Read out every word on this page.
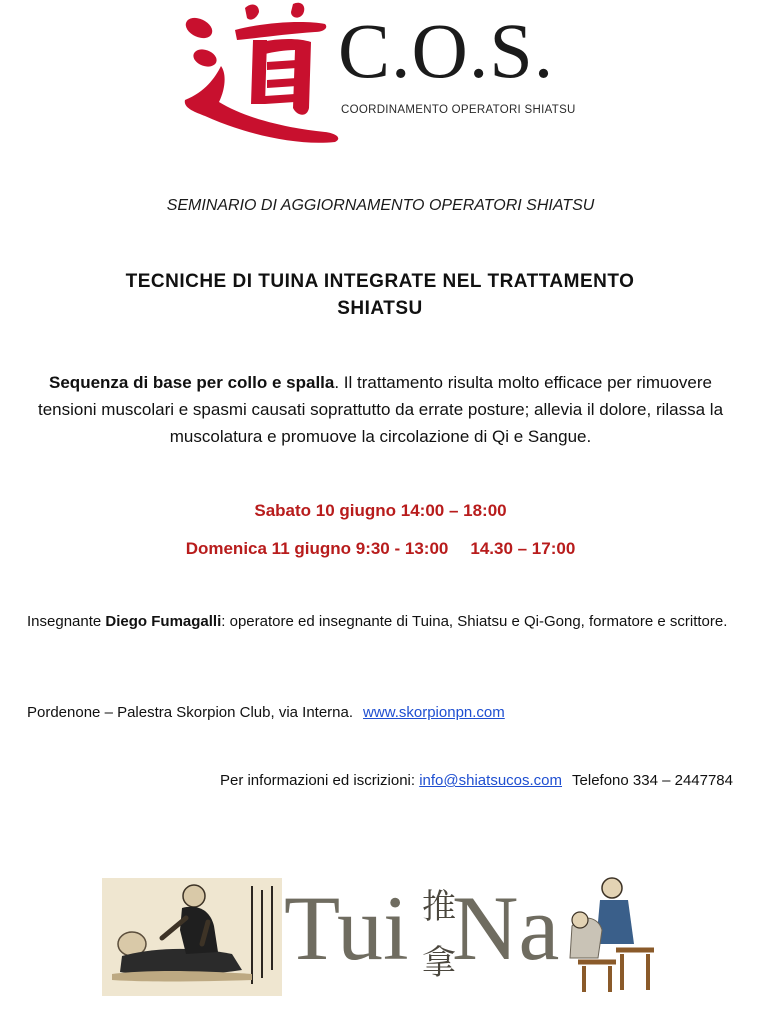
C.O.S.
COORDINAMENTO OPERATORI SHIATSU
SEMINARIO DI AGGIORNAMENTO OPERATORI SHIATSU
TECNICHE DI TUINA INTEGRATE NEL TRATTAMENTO
SHIATSU
Sequenza di base per collo e spalla. Il trattamento risulta molto efficace per rimuovere tensioni muscolari e spasmi causati soprattutto da errate posture; allevia il dolore, rilassa la muscolatura e promuove la circolazione di Qi e Sangue.
Sabato 10 giugno 14:00 – 18:00
Domenica 11 giugno 9:30 - 13:00 14.30 – 17:00
Insegnante Diego Fumagalli: operatore ed insegnante di Tuina, Shiatsu e Qi-Gong, formatore e scrittore.
Pordenone – Palestra Skorpion Club, via Interna. www.skorpionpn.com
Per informazioni ed iscrizioni: info@shiatsucos.com Telefono 334 – 2447784
推
拿
Tui Na
